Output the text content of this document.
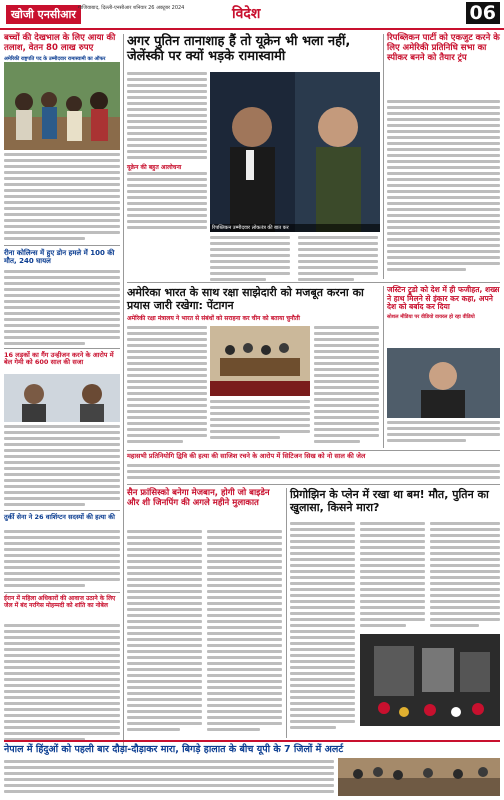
खोजी एनसीआर गाजियाबाद, दिल्ली-एनसीआर शनिवार 26 अक्टूबर 2024	विदेश	06
बच्चों की देखभाल के लिए आया की तलाश, वेतन 80 लाख रुपए
अमेरिकी राष्ट्रपति पद के उम्मीदवार रामास्वामी का ऑफर
रीना कोलिन्स में हुए डोन हमले में 100 की मौत, 240 घायल
16 लड़कों का गैंग उन्हीजन करने के आरोप में बेल गेमी को 600 साल की सजा
तुर्की सेना ने 26 वाशिंग्टन सदस्यों की हत्या की
ईरान में महिला अधिकारों की आवाज उठाने के लिए जेल में बंद नरगिस मोहम्मदी को शांति का नोबेल
अगर पुतिन तानाशाह हैं तो यूक्रेन भी भला नहीं, जेलेंस्की पर क्यों भड़के रामास्वामी
यूक्रेन की बहुत आलोचना
रिपब्लिकन उम्मीदवार लोकतंत्र की बात कर
रिपब्लिकन पार्टी को एकजुट करने के लिए अमेरिकी प्रतिनिधि सभा का स्पीकर बनने को तैयार ट्रंप
अमेरिका भारत के साथ रक्षा साझेदारी को मजबूत करना का प्रयास जारी रखेगा: पेंटागन
अमेरिकी रक्षा मंत्रालय ने भारत से संबंधों को सराहना कर चीन को बताया चुनौती
जस्टिन ट्रूडो को देश में ही फजीहत, शख्स ने हाथ मिलने से इंकार कर कहा, अपने देश को बर्बाद कर दिया
सोशल मीडिया पर वीडियो वायरल हो रहा वीडियो
महासभी प्रतिनियोगि द्विवि की हत्या की साजिश रचने के आरोप में सिटिजन सिख को नो साल की जेल
सैन फ्रांसिस्को बनेगा मेजबान, होगी जो बाइडेन और शी जिनपिंग की अगले महीने मुलाकात
प्रिगोझिन के प्लेन में रखा था बम! मौत, पुतिन का खुलासा, किसने मारा?
नेपाल में हिंदुओं को पहली बार दौड़ा-दौड़ाकर मारा, बिगड़े हालात के बीच यूपी के 7 जिलों में अलर्ट
